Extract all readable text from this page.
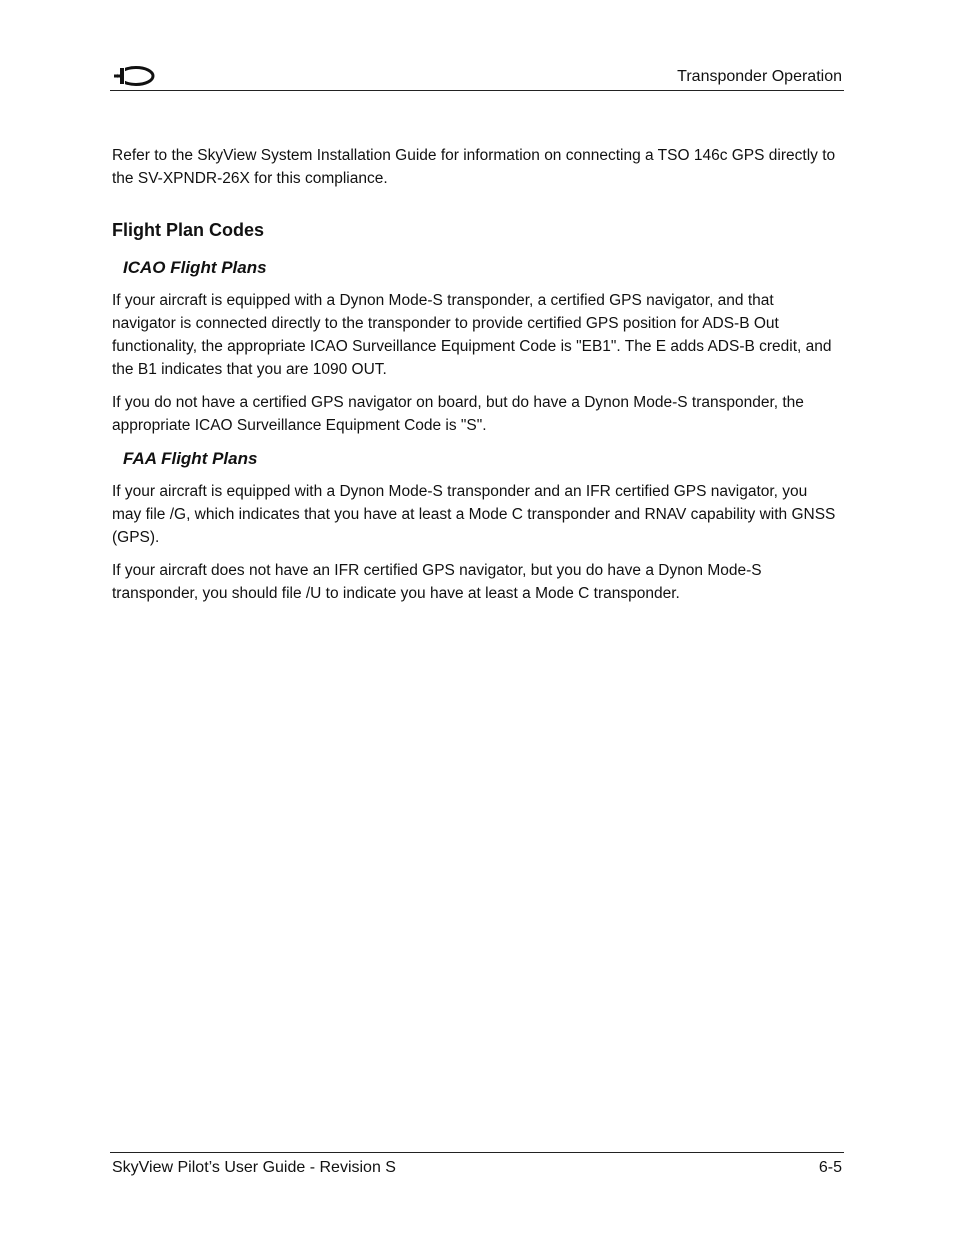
Transponder Operation

Refer to the SkyView System Installation Guide for information on connecting a TSO 146c GPS directly to the SV-XPNDR-26X for this compliance.

Flight Plan Codes
ICAO Flight Plans

If your aircraft is equipped with a Dynon Mode-S transponder, a certified GPS navigator, and that navigator is connected directly to the transponder to provide certified GPS position for ADS-B Out functionality, the appropriate ICAO Surveillance Equipment Code is "EB1". The E adds ADS-B credit, and the B1 indicates that you are 1090 OUT.

If you do not have a certified GPS navigator on board, but do have a Dynon Mode-S transponder, the appropriate ICAO Surveillance Equipment Code is "S".

FAA Flight Plans

If your aircraft is equipped with a Dynon Mode-S transponder and an IFR certified GPS navigator, you may file /G, which indicates that you have at least a Mode C transponder and RNAV capability with GNSS (GPS).

If your aircraft does not have an IFR certified GPS navigator, but you do have a Dynon Mode-S transponder, you should file /U to indicate you have at least a Mode C transponder.

SkyView Pilot’s User Guide - Revision S	6-5
